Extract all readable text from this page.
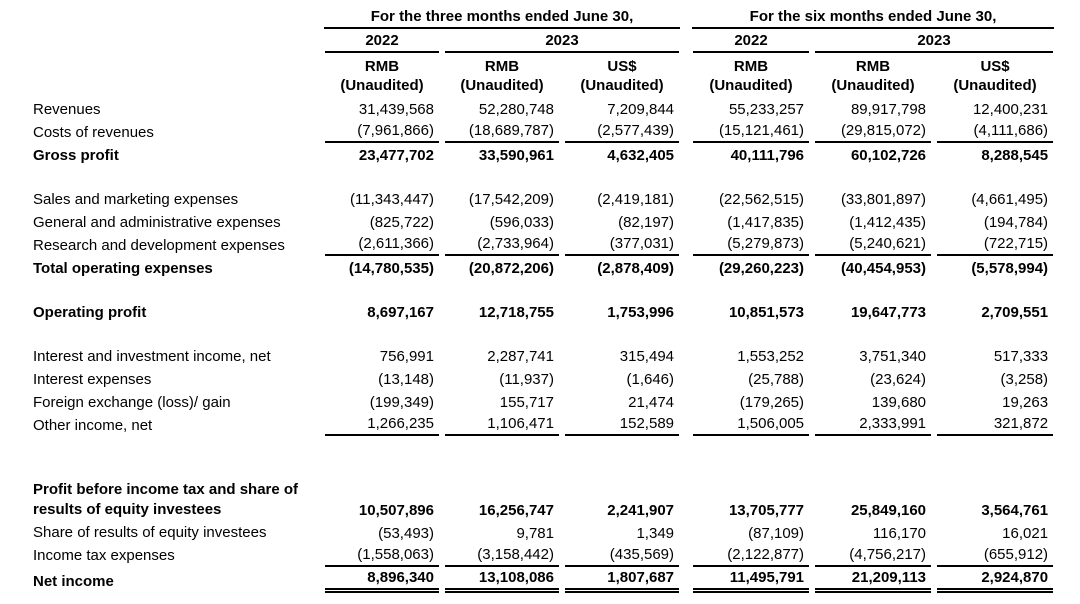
	For the three months ended June 30,				For the six months ended June 30,		

	2022	2023			2022	2023	

	RMB	RMB	US$		RMB	RMB	US$
	(Unaudited)	(Unaudited)	(Unaudited)		(Unaudited)	(Unaudited)	(Unaudited)
Revenues	31,439,568	52,280,748	7,209,844		55,233,257	89,917,798	12,400,231

Costs of revenues	(7,961,866)	(18,689,787)	(2,577,439)		(15,121,461)	(29,815,072)	(4,111,686)

Gross profit	23,477,702	33,590,961	4,632,405		40,111,796	60,102,726	8,288,545

Sales and marketing expenses	(11,343,447)	(17,542,209)	(2,419,181)		(22,562,515)	(33,801,897)	(4,661,495)

General and administrative expenses	(825,722)	(596,033)	(82,197)		(1,417,835)	(1,412,435)	(194,784)

Research and development expenses	(2,611,366)	(2,733,964)	(377,031)		(5,279,873)	(5,240,621)	(722,715)

Total operating expenses	(14,780,535)	(20,872,206)	(2,878,409)		(29,260,223)	(40,454,953)	(5,578,994)

Operating profit	8,697,167	12,718,755	1,753,996		10,851,573	19,647,773	2,709,551

Interest and investment income, net	756,991	2,287,741	315,494		1,553,252	3,751,340	517,333

Interest expenses	(13,148)	(11,937)	(1,646)		(25,788)	(23,624)	(3,258)

Foreign exchange (loss)/ gain	(199,349)	155,717	21,474		(179,265)	139,680	19,263

Other income, net	1,266,235	1,106,471	152,589		1,506,005	2,333,991	321,872

Profit before income tax and share of results of equity investees	10,507,896	16,256,747	2,241,907		13,705,777	25,849,160	3,564,761

Share of results of equity investees	(53,493)	9,781	1,349		(87,109)	116,170	16,021

Income tax expenses	(1,558,063)	(3,158,442)	(435,569)		(2,122,877)	(4,756,217)	(655,912)

Net income	8,896,340	13,108,086	1,807,687		11,495,791	21,209,113	2,924,870
